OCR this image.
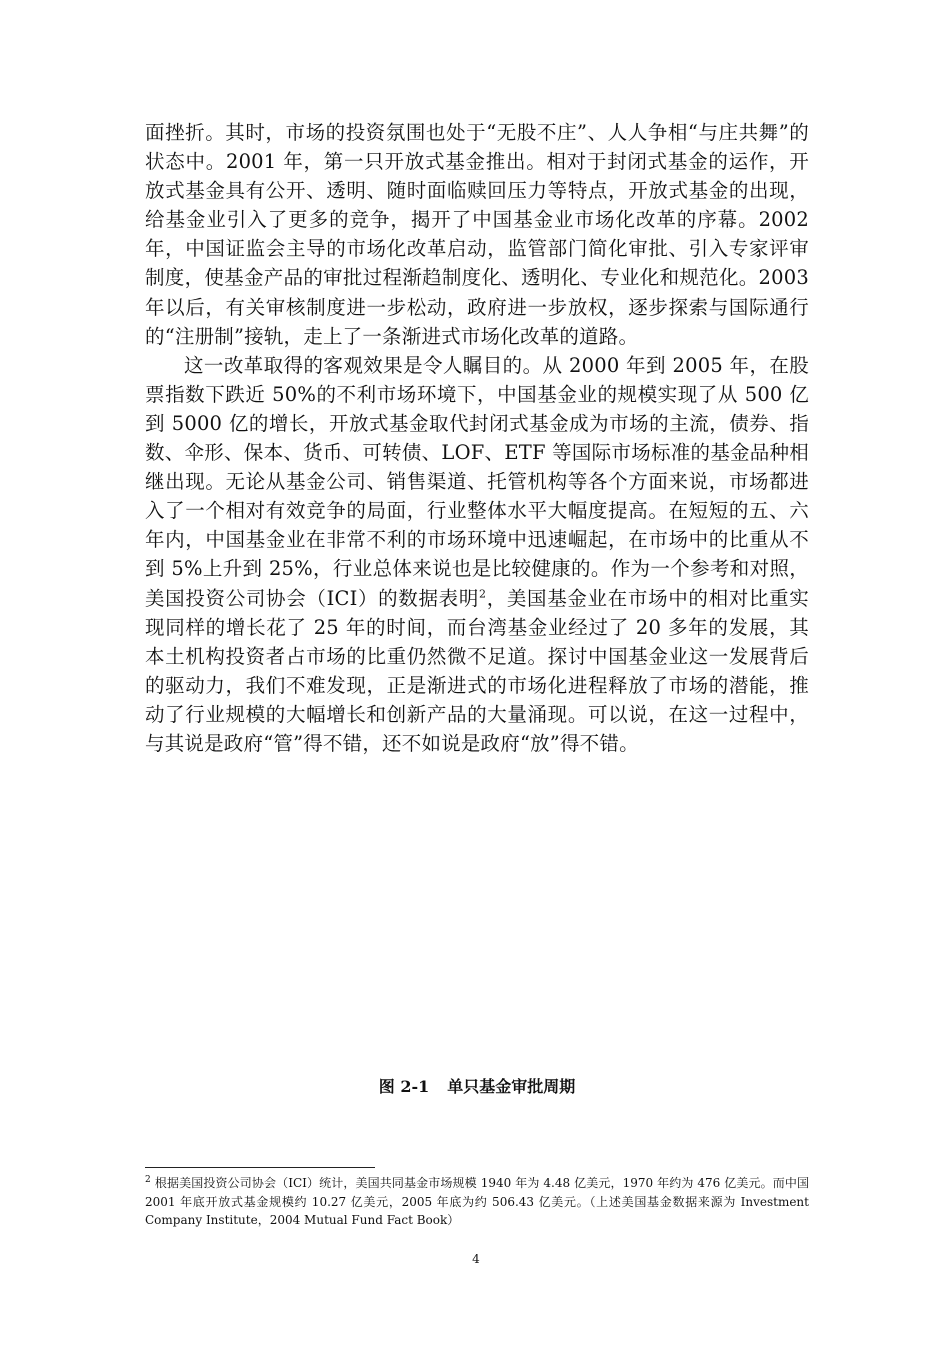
面挫折。其时，市场的投资氛围也处于“无股不庄”、人人争相“与庄共舞”的状态中。2001 年，第一只开放式基金推出。相对于封闭式基金的运作，开放式基金具有公开、透明、随时面临赎回压力等特点，开放式基金的出现，给基金业引入了更多的竞争，揭开了中国基金业市场化改革的序幕。2002 年，中国证监会主导的市场化改革启动，监管部门简化审批、引入专家评审制度，使基金产品的审批过程渐趋制度化、透明化、专业化和规范化。2003 年以后，有关审核制度进一步松动，政府进一步放权，逐步探索与国际通行的“注册制”接轨，走上了一条渐进式市场化改革的道路。

这一改革取得的客观效果是令人瞩目的。从 2000 年到 2005 年，在股票指数下跌近 50%的不利市场环境下，中国基金业的规模实现了从 500 亿到 5000 亿的增长，开放式基金取代封闭式基金成为市场的主流，债券、指数、伞形、保本、货币、可转债、LOF、ETF 等国际市场标准的基金品种相继出现。无论从基金公司、销售渠道、托管机构等各个方面来说，市场都进入了一个相对有效竞争的局面，行业整体水平大幅度提高。在短短的五、六年内，中国基金业在非常不利的市场环境中迅速崛起，在市场中的比重从不到 5%上升到 25%，行业总体来说也是比较健康的。作为一个参考和对照，美国投资公司协会（ICI）的数据表明$^2$，美国基金业在市场中的相对比重实现同样的增长花了 25 年的时间，而台湾基金业经过了 20 多年的发展，其本土机构投资者占市场的比重仍然微不足道。探讨中国基金业这一发展背后的驱动力，我们不难发现，正是渐进式的市场化进程释放了市场的潜能，推动了行业规模的大幅增长和创新产品的大量涌现。可以说，在这一过程中，与其说是政府“管”得不错，还不如说是政府“放”得不错。

图 2-1 单只基金审批周期

$^2$ 根据美国投资公司协会（ICI）统计，美国共同基金市场规模 1940 年为 4.48 亿美元，1970 年约为 476 亿美元。而中国 2001 年底开放式基金规模约 10.27 亿美元，2005 年底为约 506.43 亿美元。（上述美国基金数据来源为 Investment Company Institute，2004 Mutual Fund Fact Book）

4
